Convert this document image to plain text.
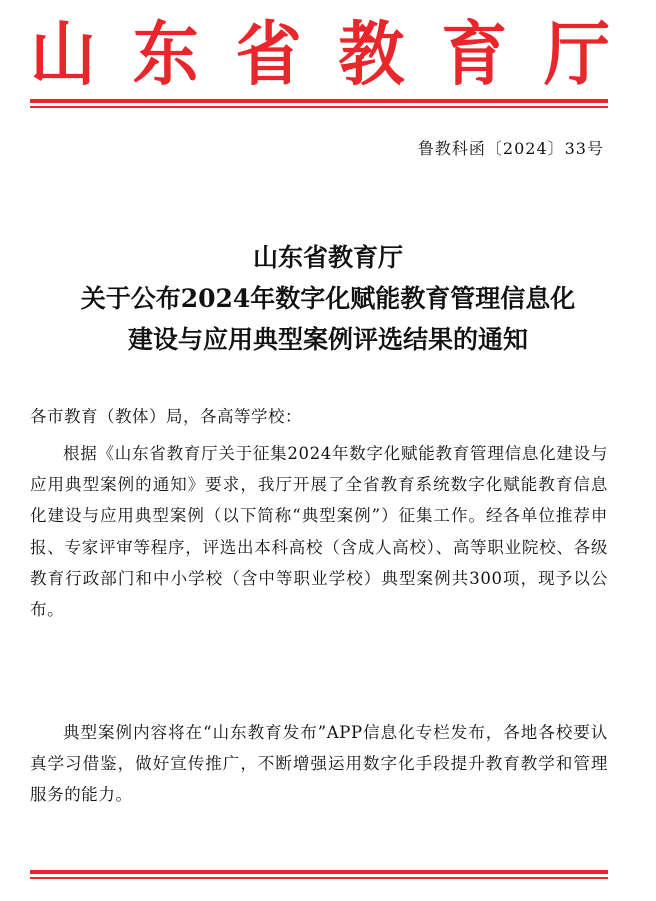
山 东 省 教 育 厅
鲁教科函〔2024〕33号
山东省教育厅
关于公布2024年数字化赋能教育管理信息化
建设与应用典型案例评选结果的通知
各市教育（教体）局，各高等学校：

根据《山东省教育厅关于征集2024年数字化赋能教育管理信息化建设与应用典型案例的通知》要求，我厅开展了全省教育系统数字化赋能教育信息化建设与应用典型案例（以下简称“典型案例”）征集工作。经各单位推荐申报、专家评审等程序，评选出本科高校（含成人高校）、高等职业院校、各级教育行政部门和中小学校（含中等职业学校）典型案例共300项，现予以公布。

典型案例内容将在“山东教育发布”APP信息化专栏发布，各地各校要认真学习借鉴，做好宣传推广，不断增强运用数字化手段提升教育教学和管理服务的能力。
